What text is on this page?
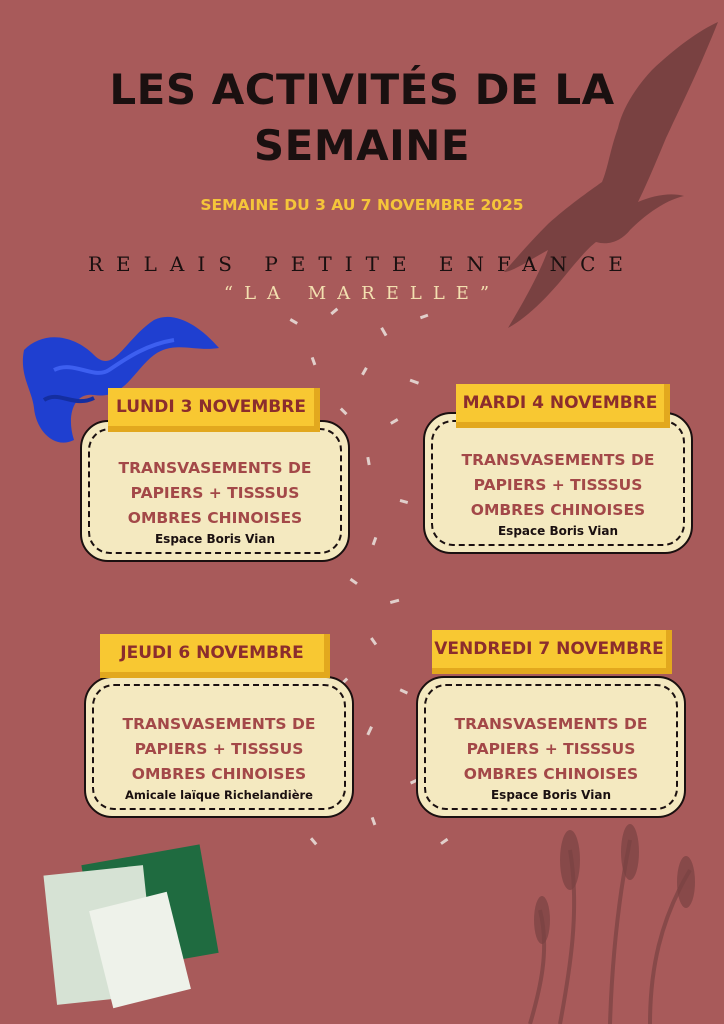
LES ACTIVITÉS DE LA
SEMAINE
SEMAINE DU 3 AU 7 NOVEMBRE 2025
RELAIS PETITE ENFANCE
“LA MARELLE”
TRANSVASEMENTS DE
PAPIERS + TISSSUS
OMBRES CHINOISES
Espace Boris Vian
LUNDI 3 NOVEMBRE
TRANSVASEMENTS DE
PAPIERS + TISSSUS
OMBRES CHINOISES
Espace Boris Vian
MARDI 4 NOVEMBRE
TRANSVASEMENTS DE
PAPIERS + TISSSUS
OMBRES CHINOISES
Amicale laïque Richelandière
JEUDI 6 NOVEMBRE
TRANSVASEMENTS DE
PAPIERS + TISSSUS
OMBRES CHINOISES
Espace Boris Vian
VENDREDI 7 NOVEMBRE
